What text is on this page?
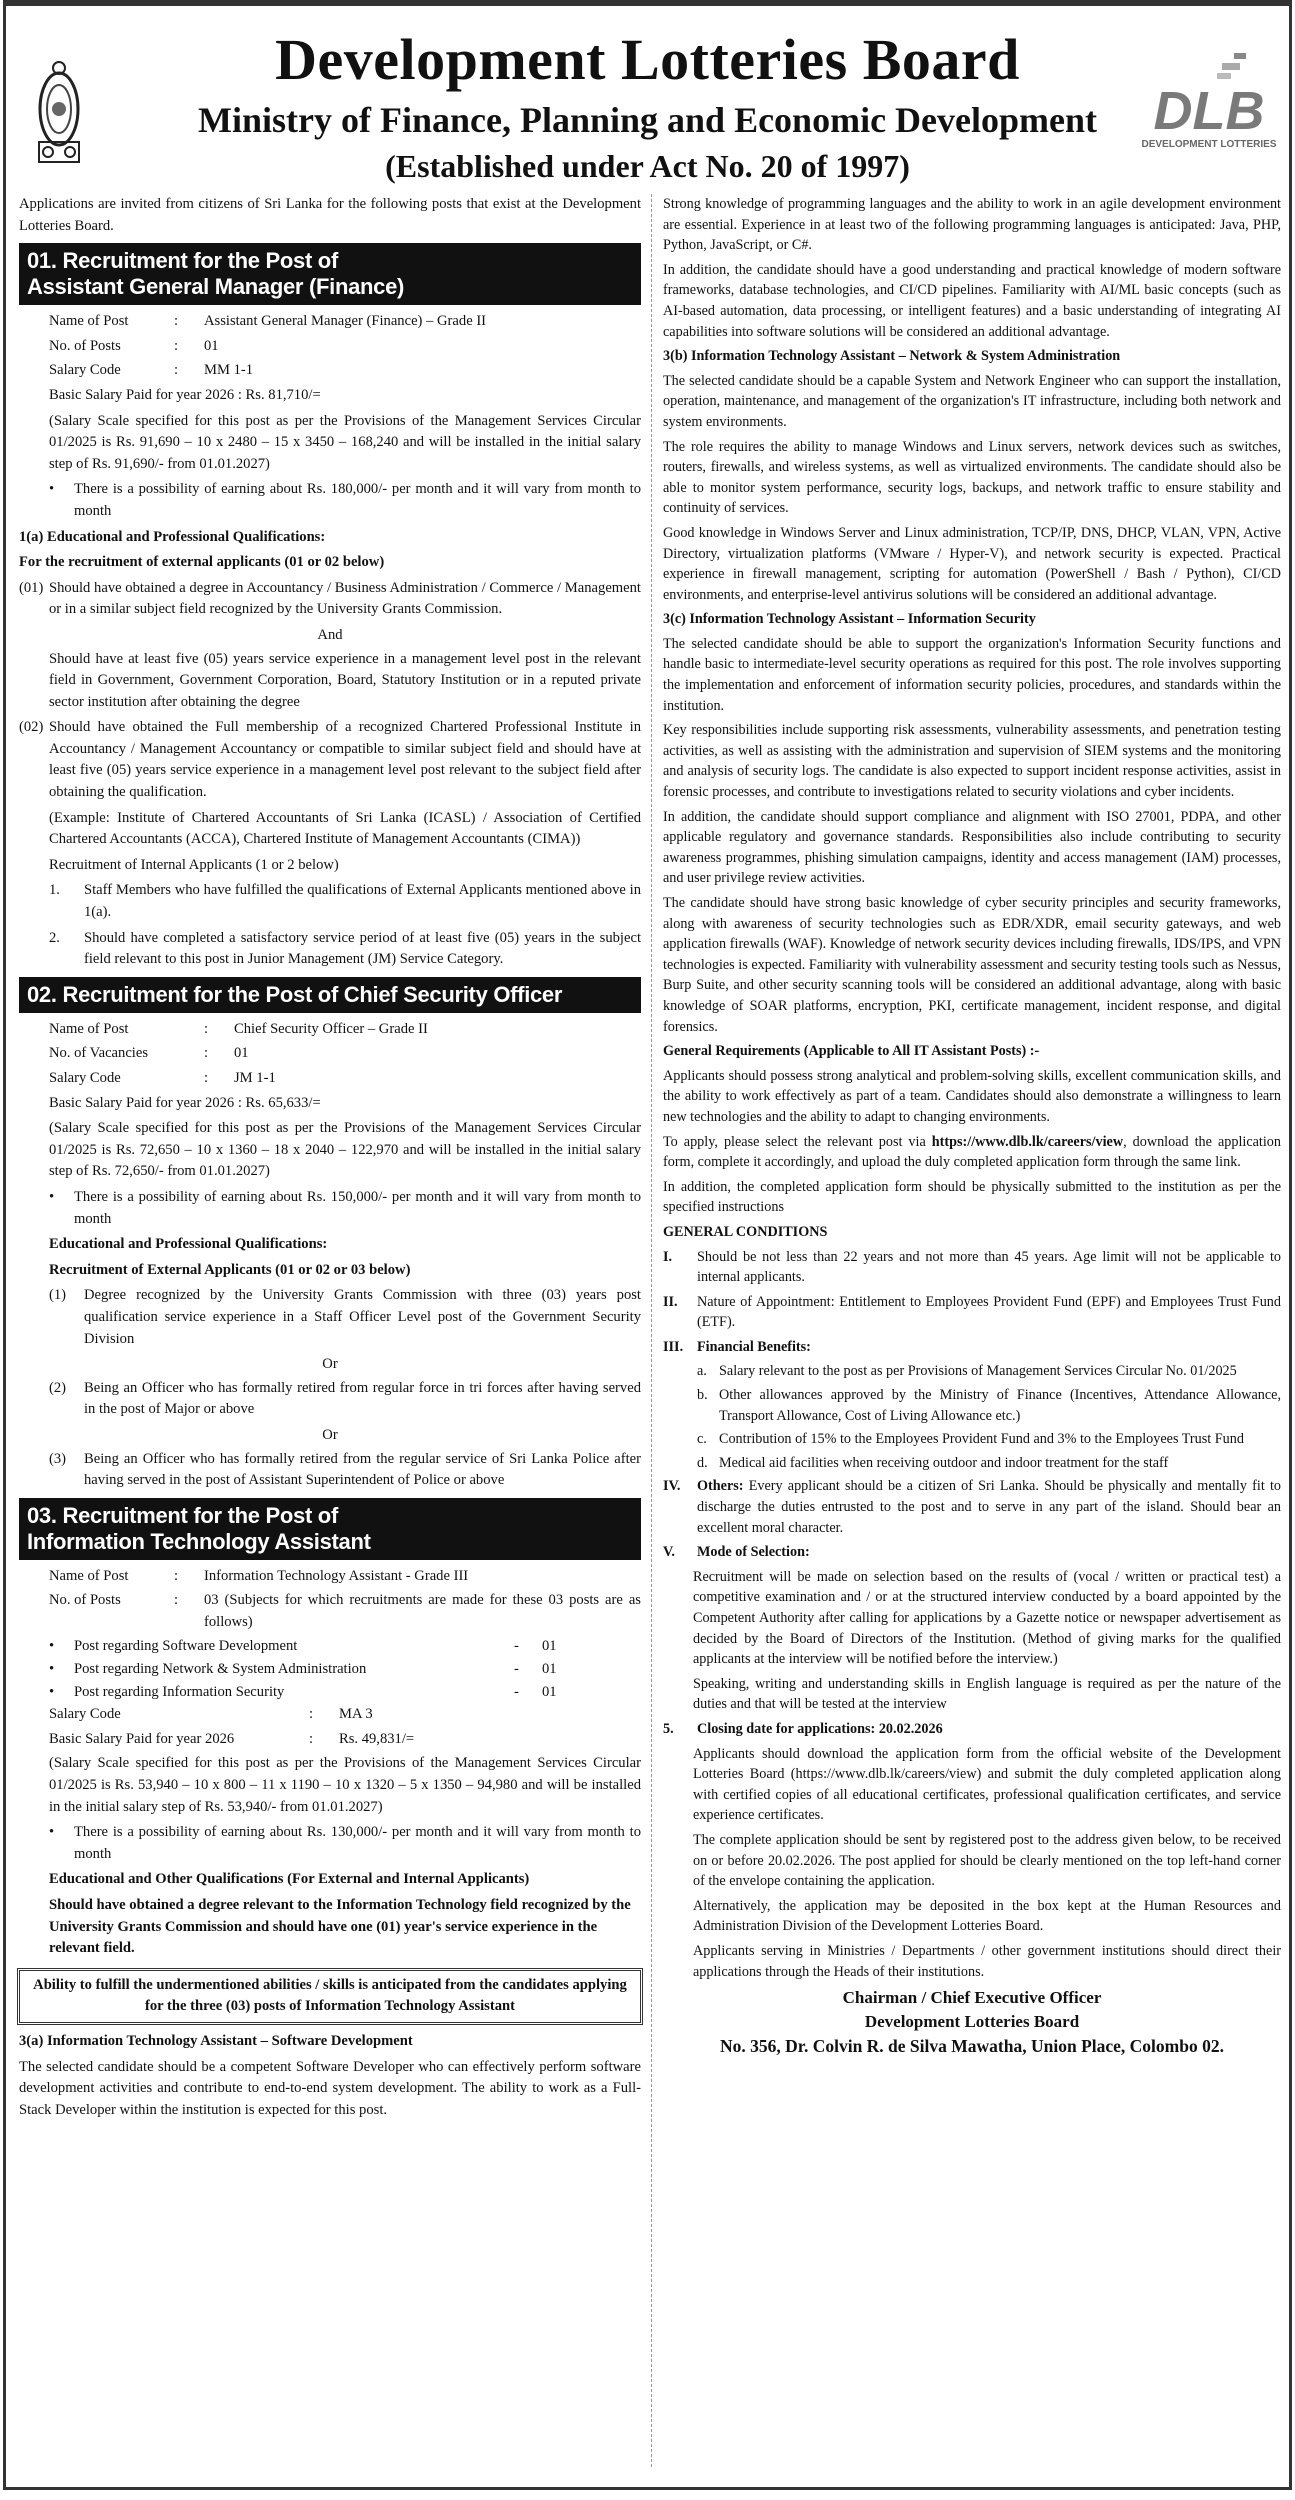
Development Lotteries Board
Ministry of Finance, Planning and Economic Development
(Established under Act No. 20 of 1997)
DLB
DEVELOPMENT LOTTERIES

Applications are invited from citizens of Sri Lanka for the following posts that exist at the Development Lotteries Board.

01. Recruitment for the Post of
Assistant General Manager (Finance)
Name of Post	:	Assistant General Manager (Finance) – Grade II
No. of Posts	:	01
Salary Code	:	MM 1-1

Basic Salary Paid for year 2026 : Rs. 81,710/=

(Salary Scale specified for this post as per the Provisions of the Management Services Circular 01/2025 is Rs. 91,690 – 10 x 2480 – 15 x 3450 – 168,240 and will be installed in the initial salary step of Rs. 91,690/- from 01.01.2027)

•	There is a possibility of earning about Rs. 180,000/- per month and it will vary from month to month
1(a) Educational and Professional Qualifications:
For the recruitment of external applicants (01 or 02 below)
(01) Should have obtained a degree in Accountancy / Business Administration / Commerce / Management or in a similar subject field recognized by the University Grants Commission.
And

Should have at least five (05) years service experience in a management level post in the relevant field in Government, Government Corporation, Board, Statutory Institution or in a reputed private sector institution after obtaining the degree

(02) Should have obtained the Full membership of a recognized Chartered Professional Institute in Accountancy / Management Accountancy or compatible to similar subject field and should have at least five (05) years service experience in a management level post relevant to the subject field after obtaining the qualification.

(Example: Institute of Chartered Accountants of Sri Lanka (ICASL) / Association of Certified Chartered Accountants (ACCA), Chartered Institute of Management Accountants (CIMA))

Recruitment of Internal Applicants (1 or 2 below)

1.	Staff Members who have fulfilled the qualifications of External Applicants mentioned above in 1(a).
2.	Should have completed a satisfactory service period of at least five (05) years in the subject field relevant to this post in Junior Management (JM) Service Category.
02. Recruitment for the Post of Chief Security Officer
Name of Post	:	Chief Security Officer – Grade II
No. of Vacancies	:	01
Salary Code	:	JM 1-1

Basic Salary Paid for year 2026 : Rs. 65,633/=

(Salary Scale specified for this post as per the Provisions of the Management Services Circular 01/2025 is Rs. 72,650 – 10 x 1360 – 18 x 2040 – 122,970 and will be installed in the initial salary step of Rs. 72,650/- from 01.01.2027)

•	There is a possibility of earning about Rs. 150,000/- per month and it will vary from month to month
Educational and Professional Qualifications:
Recruitment of External Applicants (01 or 02 or 03 below)
(1)	Degree recognized by the University Grants Commission with three (03) years post qualification service experience in a Staff Officer Level post of the Government Security Division
Or
(2)	Being an Officer who has formally retired from regular force in tri forces after having served in the post of Major or above
Or
(3)	Being an Officer who has formally retired from the regular service of Sri Lanka Police after having served in the post of Assistant Superintendent of Police or above
03. Recruitment for the Post of
Information Technology Assistant
Name of Post	:	Information Technology Assistant - Grade III
No. of Posts	:	03 (Subjects for which recruitments are made for these 03 posts are as follows)
•	Post regarding Software Development	-	01
•	Post regarding Network & System Administration	-	01
•	Post regarding Information Security	-	01
Salary Code	:	MA 3
Basic Salary Paid for year 2026	:	Rs. 49,831/=

(Salary Scale specified for this post as per the Provisions of the Management Services Circular 01/2025 is Rs. 53,940 – 10 x 800 – 11 x 1190 – 10 x 1320 – 5 x 1350 – 94,980 and will be installed in the initial salary step of Rs. 53,940/- from 01.01.2027)

•	There is a possibility of earning about Rs. 130,000/- per month and it will vary from month to month
Educational and Other Qualifications (For External and Internal Applicants)
Should have obtained a degree relevant to the Information Technology field recognized by the University Grants Commission and should have one (01) year's service experience in the relevant field.
Ability to fulfill the undermentioned abilities / skills is anticipated from the candidates applying for the three (03) posts of Information Technology Assistant
3(a) Information Technology Assistant – Software Development

The selected candidate should be a competent Software Developer who can effectively perform software development activities and contribute to end-to-end system development. The ability to work as a Full-Stack Developer within the institution is expected for this post.

Strong knowledge of programming languages and the ability to work in an agile development environment are essential. Experience in at least two of the following programming languages is anticipated: Java, PHP, Python, JavaScript, or C#.

In addition, the candidate should have a good understanding and practical knowledge of modern software frameworks, database technologies, and CI/CD pipelines. Familiarity with AI/ML basic concepts (such as AI-based automation, data processing, or intelligent features) and a basic understanding of integrating AI capabilities into software solutions will be considered an additional advantage.

3(b) Information Technology Assistant – Network & System Administration

The selected candidate should be a capable System and Network Engineer who can support the installation, operation, maintenance, and management of the organization's IT infrastructure, including both network and system environments.

The role requires the ability to manage Windows and Linux servers, network devices such as switches, routers, firewalls, and wireless systems, as well as virtualized environments. The candidate should also be able to monitor system performance, security logs, backups, and network traffic to ensure stability and continuity of services.

Good knowledge in Windows Server and Linux administration, TCP/IP, DNS, DHCP, VLAN, VPN, Active Directory, virtualization platforms (VMware / Hyper-V), and network security is expected. Practical experience in firewall management, scripting for automation (PowerShell / Bash / Python), CI/CD environments, and enterprise-level antivirus solutions will be considered an additional advantage.

3(c) Information Technology Assistant – Information Security

The selected candidate should be able to support the organization's Information Security functions and handle basic to intermediate-level security operations as required for this post. The role involves supporting the implementation and enforcement of information security policies, procedures, and standards within the institution.

Key responsibilities include supporting risk assessments, vulnerability assessments, and penetration testing activities, as well as assisting with the administration and supervision of SIEM systems and the monitoring and analysis of security logs. The candidate is also expected to support incident response activities, assist in forensic processes, and contribute to investigations related to security violations and cyber incidents.

In addition, the candidate should support compliance and alignment with ISO 27001, PDPA, and other applicable regulatory and governance standards. Responsibilities also include contributing to security awareness programmes, phishing simulation campaigns, identity and access management (IAM) processes, and user privilege review activities.

The candidate should have strong basic knowledge of cyber security principles and security frameworks, along with awareness of security technologies such as EDR/XDR, email security gateways, and web application firewalls (WAF). Knowledge of network security devices including firewalls, IDS/IPS, and VPN technologies is expected. Familiarity with vulnerability assessment and security testing tools such as Nessus, Burp Suite, and other security scanning tools will be considered an additional advantage, along with basic knowledge of SOAR platforms, encryption, PKI, certificate management, incident response, and digital forensics.

General Requirements (Applicable to All IT Assistant Posts) :-

Applicants should possess strong analytical and problem-solving skills, excellent communication skills, and the ability to work effectively as part of a team. Candidates should also demonstrate a willingness to learn new technologies and the ability to adapt to changing environments.

To apply, please select the relevant post via https://www.dlb.lk/careers/view, download the application form, complete it accordingly, and upload the duly completed application form through the same link.

In addition, the completed application form should be physically submitted to the institution as per the specified instructions

GENERAL CONDITIONS
I.	Should be not less than 22 years and not more than 45 years. Age limit will not be applicable to internal applicants.
II.	Nature of Appointment: Entitlement to Employees Provident Fund (EPF) and Employees Trust Fund (ETF).
III. Financial Benefits:
a. Salary relevant to the post as per Provisions of Management Services Circular No. 01/2025
b. Other allowances approved by the Ministry of Finance (Incentives, Attendance Allowance, Transport Allowance, Cost of Living Allowance etc.)
c. Contribution of 15% to the Employees Provident Fund and 3% to the Employees Trust Fund
d. Medical aid facilities when receiving outdoor and indoor treatment for the staff
IV.	Others: Every applicant should be a citizen of Sri Lanka. Should be physically and mentally fit to discharge the duties entrusted to the post and to serve in any part of the island. Should bear an excellent moral character.
V.	Mode of Selection:

Recruitment will be made on selection based on the results of (vocal / written or practical test) a competitive examination and / or at the structured interview conducted by a board appointed by the Competent Authority after calling for applications by a Gazette notice or newspaper advertisement as decided by the Board of Directors of the Institution. (Method of giving marks for the qualified applicants at the interview will be notified before the interview.)

Speaking, writing and understanding skills in English language is required as per the nature of the duties and that will be tested at the interview

5.	Closing date for applications: 20.02.2026

Applicants should download the application form from the official website of the Development Lotteries Board (https://www.dlb.lk/careers/view) and submit the duly completed application along with certified copies of all educational certificates, professional qualification certificates, and service experience certificates.

The complete application should be sent by registered post to the address given below, to be received on or before 20.02.2026. The post applied for should be clearly mentioned on the top left-hand corner of the envelope containing the application.

Alternatively, the application may be deposited in the box kept at the Human Resources and Administration Division of the Development Lotteries Board.

Applicants serving in Ministries / Departments / other government institutions should direct their applications through the Heads of their institutions.

Chairman / Chief Executive Officer
Development Lotteries Board
No. 356, Dr. Colvin R. de Silva Mawatha, Union Place, Colombo 02.
